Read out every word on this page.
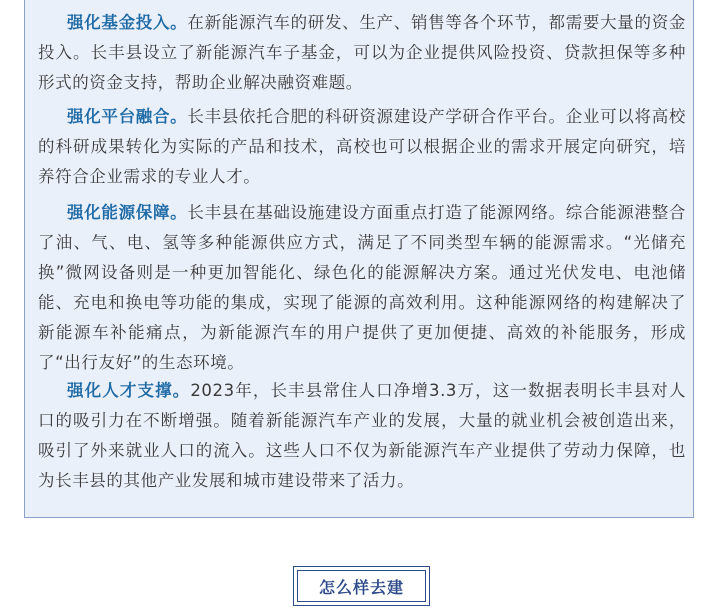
强化基金投入。在新能源汽车的研发、生产、销售等各个环节，都需要大量的资金投入。长丰县设立了新能源汽车子基金，可以为企业提供风险投资、贷款担保等多种形式的资金支持，帮助企业解决融资难题。

强化平台融合。长丰县依托合肥的科研资源建设产学研合作平台。企业可以将高校的科研成果转化为实际的产品和技术，高校也可以根据企业的需求开展定向研究，培养符合企业需求的专业人才。

强化能源保障。长丰县在基础设施建设方面重点打造了能源网络。综合能源港整合了油、气、电、氢等多种能源供应方式，满足了不同类型车辆的能源需求。“光储充换”微网设备则是一种更加智能化、绿色化的能源解决方案。通过光伏发电、电池储能、充电和换电等功能的集成，实现了能源的高效利用。这种能源网络的构建解决了新能源车补能痛点，为新能源汽车的用户提供了更加便捷、高效的补能服务，形成了“出行友好”的生态环境。

强化人才支撑。2023年，长丰县常住人口净增3.3万，这一数据表明长丰县对人口的吸引力在不断增强。随着新能源汽车产业的发展，大量的就业机会被创造出来，吸引了外来就业人口的流入。这些人口不仅为新能源汽车产业提供了劳动力保障，也为长丰县的其他产业发展和城市建设带来了活力。

怎么样去建
